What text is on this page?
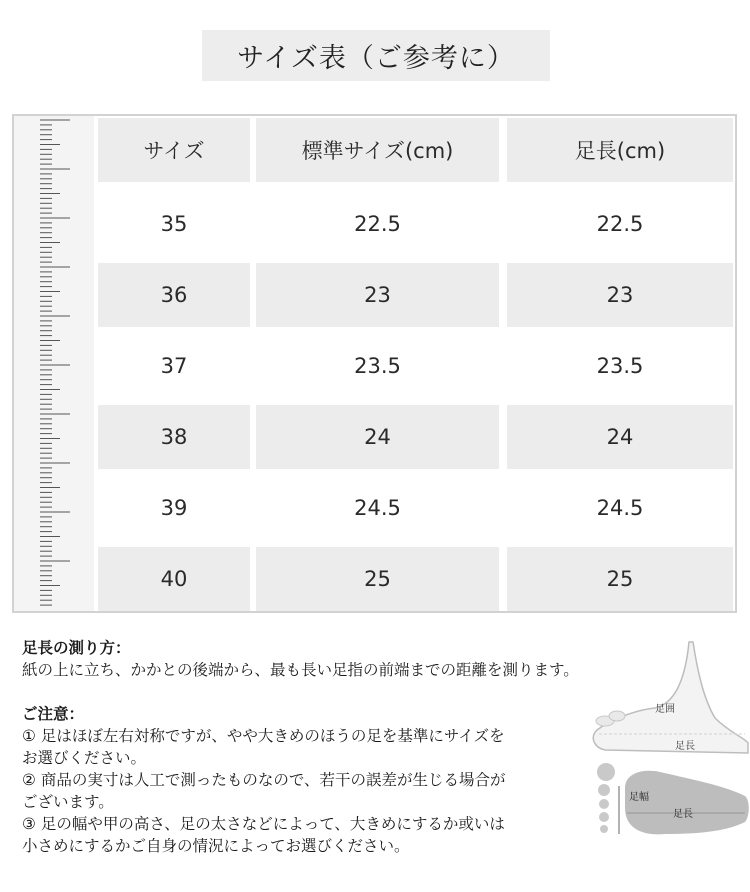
サイズ表（ご参考に）
サイズ	標準サイズ(cm)	足長(cm)
35	22.5	22.5
36	23	23
37	23.5	23.5
38	24	24
39	24.5	24.5
40	25	25

足長の測り方：

紙の上に立ち、かかとの後端から、最も長い足指の前端までの距離を測ります。

ご注意：

① 足はほぼ左右対称ですが、やや大きめのほうの足を基準にサイズを

お選びください。

② 商品の実寸は人工で測ったものなので、若干の誤差が生じる場合が

ございます。

③ 足の幅や甲の高さ、足の太さなどによって、大きめにするか或いは

小さめにするかご自身の情況によってお選びください。

足囲
足長
足幅
足長
